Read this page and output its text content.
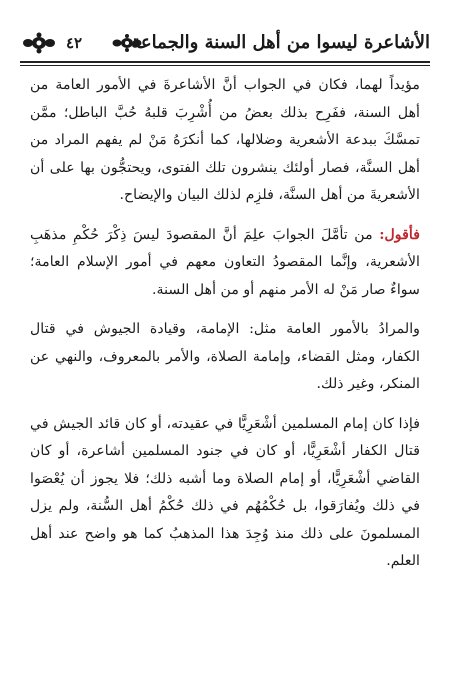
٤٢	الأشاعرة ليسوا من أهل السنة والجماعة

مؤيداً لهما، فكان في الجواب أنَّ الأشاعرةَ في الأمور العامة من أهل السنة، ففَرِح بذلك بعضُ من أُشْرِبَ قلبهُ حُبَّ الباطل؛ ممَّن تمسَّكَ ببدعة الأشعرية وضلالها، كما أنكرَهُ مَنْ لم يفهم المراد من أهل السنَّة، فصار أولئك ينشرون تلك الفتوى، ويحتجُّون بها على أن الأشعريةَ من أهل السنَّة، فلزِم لذلك البيان والإيضاح.

فأقول: من تأمَّلَ الجوابَ علِمَ أنَّ المقصودَ ليسَ ذِكْرَ حُكْمِ مذهَبِ الأشعرية، وإنَّما المقصودُ التعاون معهم في أمور الإسلام العامة؛ سواءٌ صار مَنْ له الأمر منهم أو من أهل السنة.

والمرادُ بالأمور العامة مثل: الإمامة، وقيادة الجيوش في قتال الكفار، ومثل القضاء، وإمامة الصلاة، والأمر بالمعروف، والنهي عن المنكر، وغير ذلك.

فإذا كان إمام المسلمين أشْعَرِيًّا في عقيدته، أو كان قائد الجيش في قتال الكفار أشْعَرِيًّا، أو كان في جنود المسلمين أشاعرة، أو كان القاضي أشْعَرِيًّا، أو إمام الصلاة وما أشبه ذلك؛ فلا يجوز أن يُعْصَوا في ذلك ويُفارَقوا، بل حُكْمُهُم في ذلك حُكْمُ أهل السُّنة، ولم يزل المسلمونَ على ذلك منذ وُجِدَ هذا المذهبُ كما هو واضح عند أهل العلم.
